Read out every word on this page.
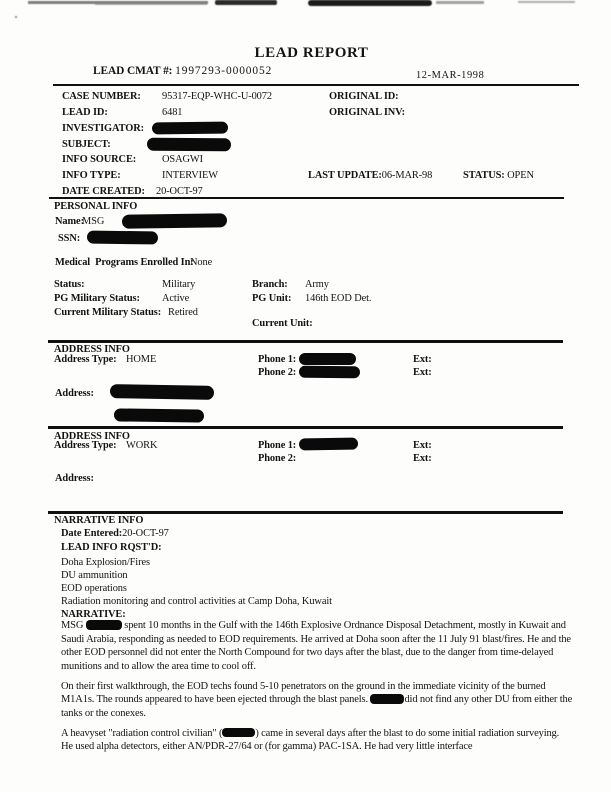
LEAD REPORT
LEAD CMAT #: 1997293-0000052	12-MAR-1998
CASE NUMBER: 95317-EQP-WHC-U-0072	ORIGINAL ID:
LEAD ID:	6481	ORIGINAL INV:
INVESTIGATOR:
SUBJECT:
INFO SOURCE: OSAGWI
INFO TYPE:	INTERVIEW	LAST UPDATE:06-MAR-98	STATUS: OPEN
DATE CREATED: 20-OCT-97
PERSONAL INFO
Name:
MSG
SSN:
Medical  Programs Enrolled In:
None
Status:	Military	Branch: Army
PG Military Status: Active	PG Unit: 146th EOD Det.
Current Military Status: Retired
Current Unit:
ADDRESS INFO
Address Type: HOME	Phone 1:	Ext:
Phone 2:	Ext:
Address:
ADDRESS INFO
Address Type: WORK	Phone 1:	Ext:
Phone 2:	Ext:
Address:
NARRATIVE INFO
Date Entered:20-OCT-97
LEAD INFO RQST'D:
Doha Explosion/Fires
DU ammunition
EOD operations
Radiation monitoring and control activities at Camp Doha, Kuwait
NARRATIVE:

MSG	spent 10 months in the Gulf with the 146th Explosive Ordnance Disposal Detachment, mostly in Kuwait and Saudi Arabia, responding as needed to EOD requirements. He arrived at Doha soon after the 11 July 91 blast/fires. He and the other EOD personnel did not enter the North Compound for two days after the blast, due to the danger from time-delayed munitions and to allow the area time to cool off.

On their first walkthrough, the EOD techs found 5-10 penetrators on the ground in the immediate vicinity of the burned M1A1s. The rounds appeared to have been ejected through the blast panels.	did not find any other DU from either the tanks or the conexes.

A heavyset "radiation control civilian" (	) came in several days after the blast to do some initial radiation surveying. He used alpha detectors, either AN/PDR-27/64 or (for gamma) PAC-1SA. He had very little interface
